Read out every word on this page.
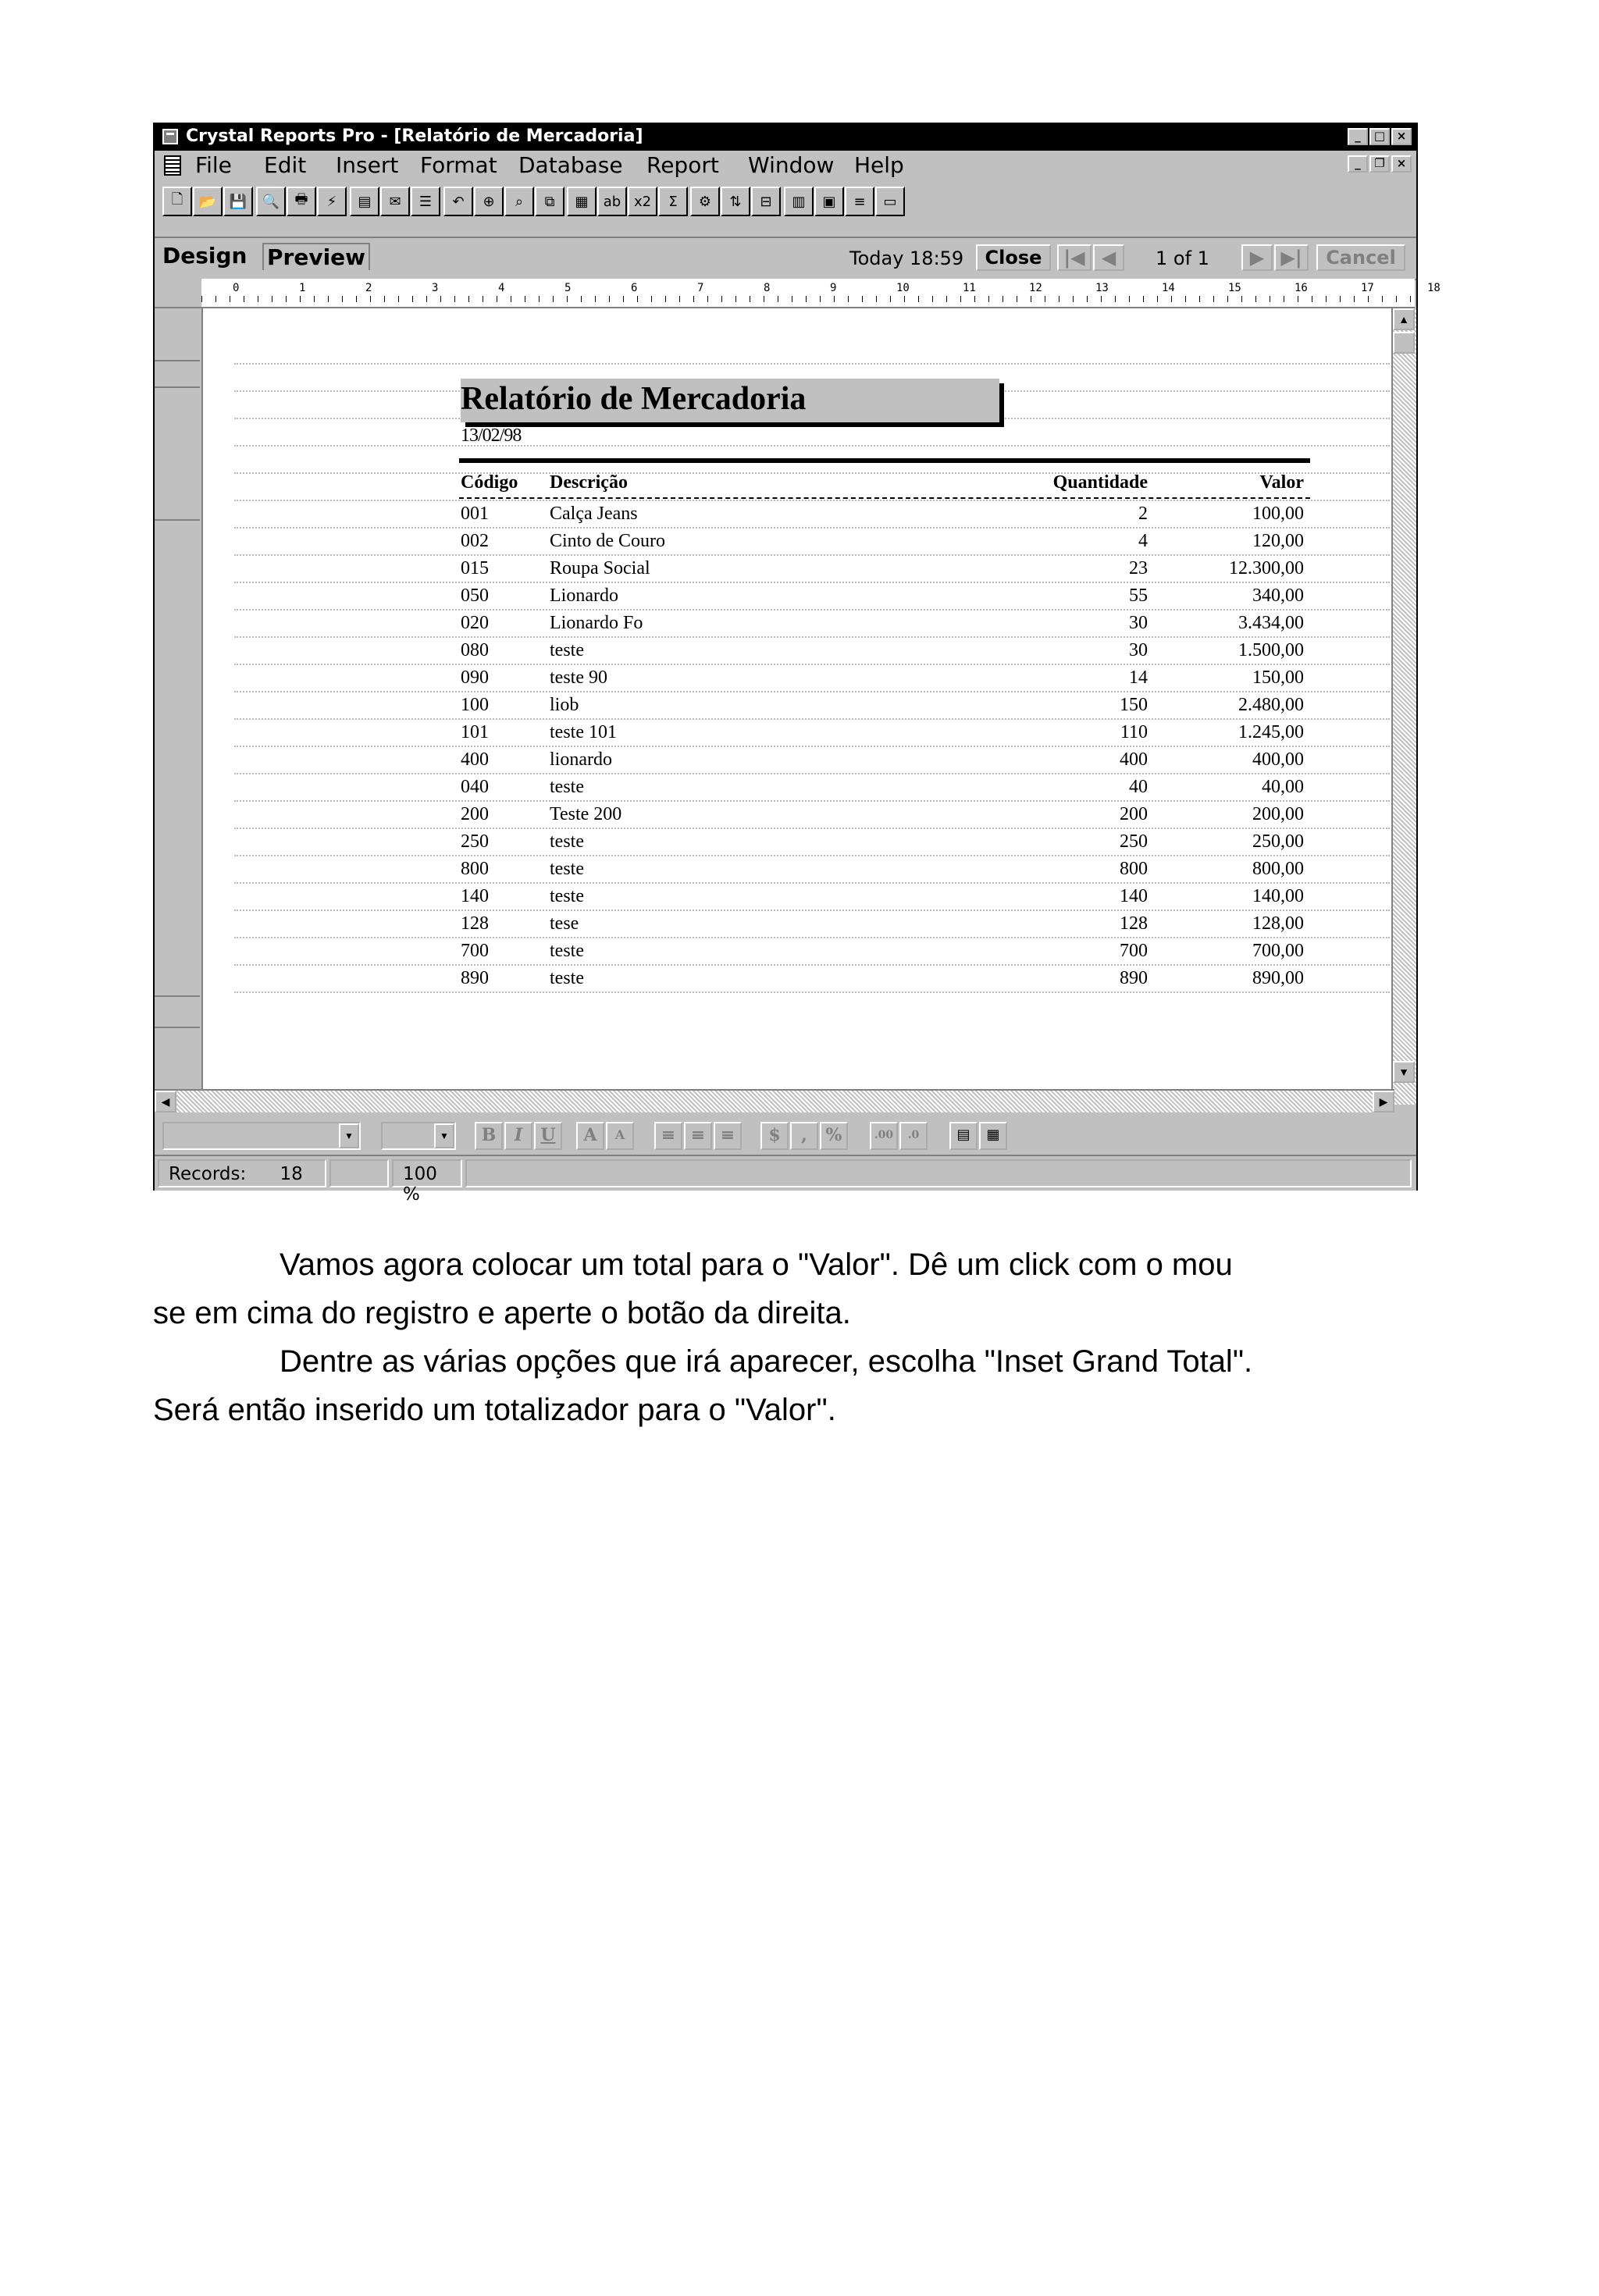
Crystal Reports Pro - [Relatório de Mercadoria]	_	□ ×
File Edit Insert Format Database Report Window Help	_	❐ ×
🗋	📂 💾	🔍	🖶	⚡	▤	✉	☰	↶	⊕	⌕	⧉	▦	ab x2	Σ	⚙	⇅	⊟	▥	▣	≡	▭
Design Preview	Today 18:59	Close	|◀ ◀	1 of 1	▶ ▶|	Cancel
0	1	2	3	4	5	6	7	8	9	10	11	12	13	14	15	16	17	18
Relatório de Mercadoria
13/02/98
Código Descrição	Quantidade	Valor
001	Calça Jeans	2	100,00
002	Cinto de Couro	4	120,00
015	Roupa Social	23	12.300,00
050	Lionardo	55	340,00
020	Lionardo Fo	30	3.434,00
080	teste	30	1.500,00
090	teste 90	14	150,00
100	liob	150	2.480,00
101	teste 101	110	1.245,00
400	lionardo	400	400,00
040	teste	40	40,00
200	Teste 200	200	200,00
250	teste	250	250,00
800	teste	800	800,00
140	teste	140	140,00
128	tese	128	128,00
700	teste	700	700,00
890	teste	890	890,00
▲
▼
◀	▶
▼	▼	B	I	U	A	A	≡ ≡ ≡	$	,	%	.00	.0	▤	▦
Records: 18	100 %
Vamos agora colocar um total para o "Valor". Dê um click com o mou
se em cima do registro e aperte o botão da direita.
Dentre as várias opções que irá aparecer, escolha "Inset Grand Total".
Será então inserido um totalizador para o "Valor".
